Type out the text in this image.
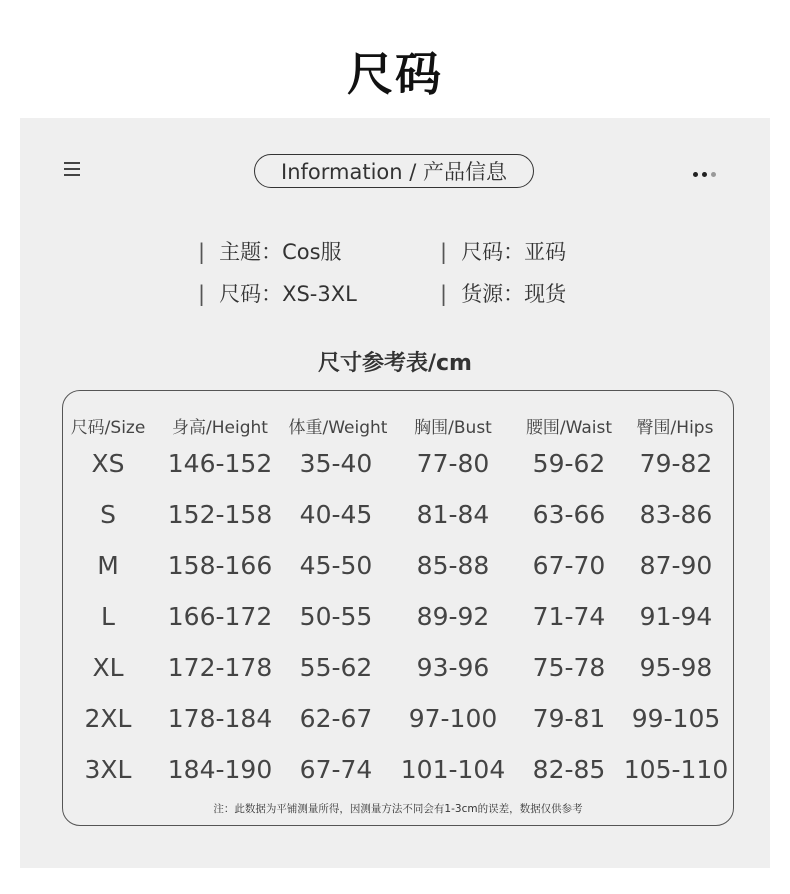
尺码
Information / 产品信息
| 主题：Cos服	| 尺码：亚码
| 尺码：XS-3XL	| 货源：现货
尺寸参考表/cm
尺码/Size 身高/Height 体重/Weight 胸围/Bust 腰围/Waist 臀围/Hips
XS 146-152 35-40 77-80 59-62 79-82
S 152-158 40-45 81-84 63-66 83-86
M 158-166 45-50 85-88 67-70 87-90
L 166-172 50-55 89-92 71-74 91-94
XL 172-178 55-62 93-96 75-78 95-98
2XL 178-184 62-67 97-100 79-81 99-105
3XL 184-190 67-74 101-104 82-85 105-110
注：此数据为平铺测量所得，因测量方法不同会有1-3cm的误差，数据仅供参考
